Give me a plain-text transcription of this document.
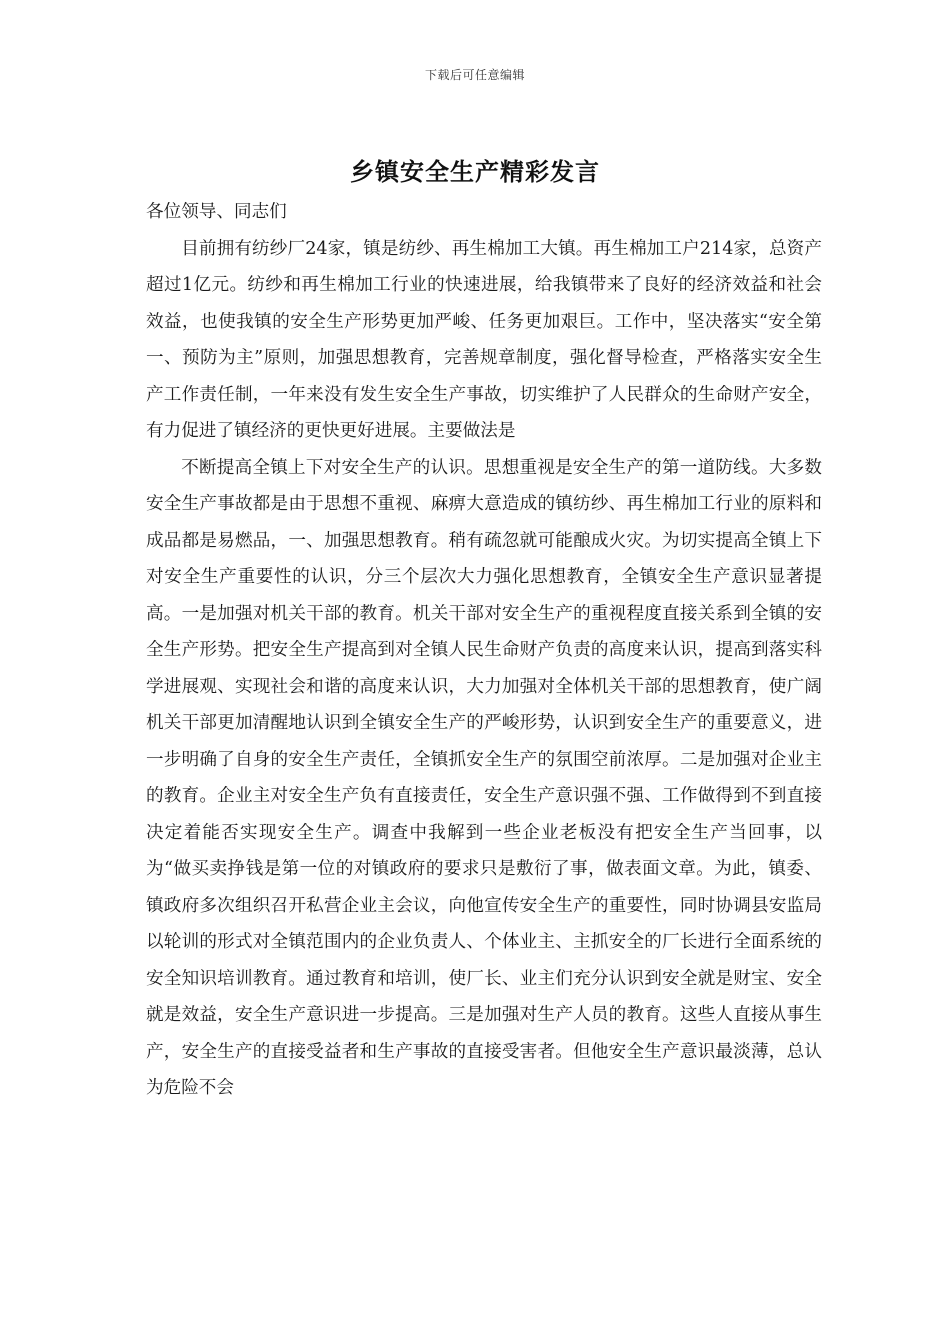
下载后可任意编辑
乡镇安全生产精彩发言

各位领导、同志们

目前拥有纺纱厂24家，镇是纺纱、再生棉加工大镇。再生棉加工户214家，总资产超过1亿元。纺纱和再生棉加工行业的快速进展，给我镇带来了良好的经济效益和社会效益，也使我镇的安全生产形势更加严峻、任务更加艰巨。工作中，坚决落实“安全第一、预防为主”原则，加强思想教育，完善规章制度，强化督导检查，严格落实安全生产工作责任制，一年来没有发生安全生产事故，切实维护了人民群众的生命财产安全，有力促进了镇经济的更快更好进展。主要做法是

不断提高全镇上下对安全生产的认识。思想重视是安全生产的第一道防线。大多数安全生产事故都是由于思想不重视、麻痹大意造成的镇纺纱、再生棉加工行业的原料和成品都是易燃品，一、加强思想教育。稍有疏忽就可能酿成火灾。为切实提高全镇上下对安全生产重要性的认识，分三个层次大力强化思想教育，全镇安全生产意识显著提高。一是加强对机关干部的教育。机关干部对安全生产的重视程度直接关系到全镇的安全生产形势。把安全生产提高到对全镇人民生命财产负责的高度来认识，提高到落实科学进展观、实现社会和谐的高度来认识，大力加强对全体机关干部的思想教育，使广阔机关干部更加清醒地认识到全镇安全生产的严峻形势，认识到安全生产的重要意义，进一步明确了自身的安全生产责任，全镇抓安全生产的氛围空前浓厚。二是加强对企业主的教育。企业主对安全生产负有直接责任，安全生产意识强不强、工作做得到不到直接决定着能否实现安全生产。调查中我解到一些企业老板没有把安全生产当回事，以为“做买卖挣钱是第一位的对镇政府的要求只是敷衍了事，做表面文章。为此，镇委、镇政府多次组织召开私营企业主会议，向他宣传安全生产的重要性，同时协调县安监局以轮训的形式对全镇范围内的企业负责人、个体业主、主抓安全的厂长进行全面系统的安全知识培训教育。通过教育和培训，使厂长、业主们充分认识到安全就是财宝、安全就是效益，安全生产意识进一步提高。三是加强对生产人员的教育。这些人直接从事生产，安全生产的直接受益者和生产事故的直接受害者。但他安全生产意识最淡薄，总认为危险不会
